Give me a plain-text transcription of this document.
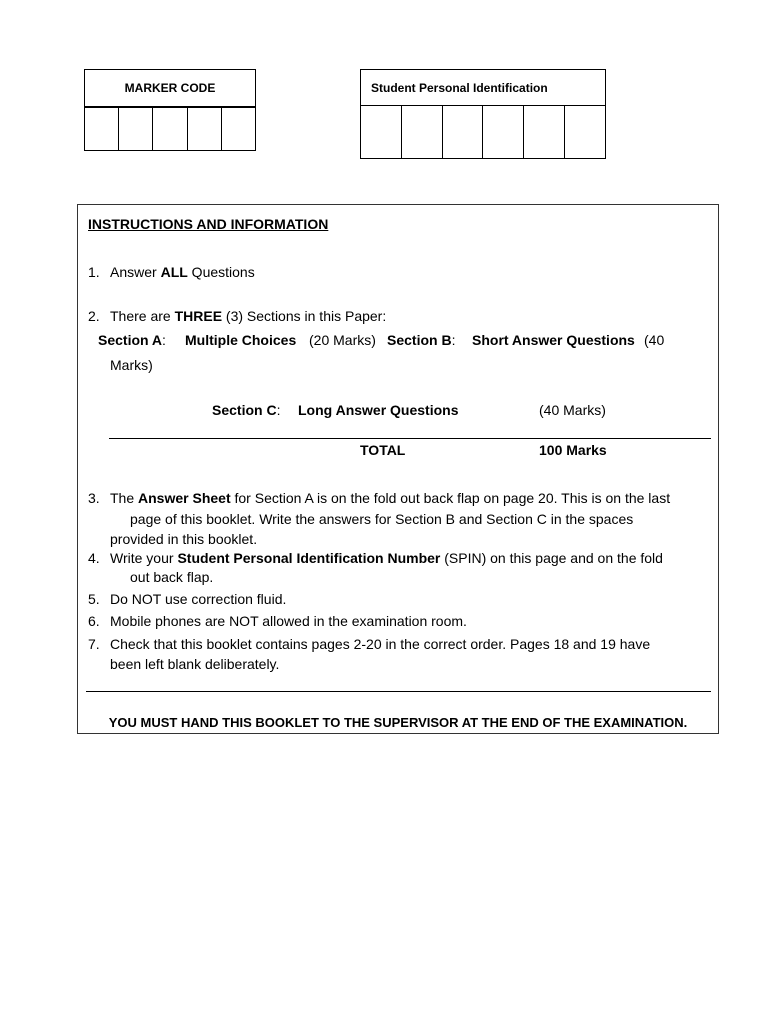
MARKER CODE	Student Personal Identification
INSTRUCTIONS AND INFORMATION
1. Answer ALL Questions
2. There are THREE (3) Sections in this Paper:
Section A: Multiple Choices (20 Marks) Section B: Short Answer Questions (40
Marks)
Section C: Long Answer Questions	(40 Marks)
TOTAL	100 Marks
3. The Answer Sheet for Section A is on the fold out back flap on page 20. This is on the last
page of this booklet. Write the answers for Section B and Section C in the spaces
provided in this booklet.
4. Write your Student Personal Identification Number (SPIN) on this page and on the fold
out back flap.
5. Do NOT use correction fluid.
6. Mobile phones are NOT allowed in the examination room.
7. Check that this booklet contains pages 2-20 in the correct order. Pages 18 and 19 have
been left blank deliberately.
YOU MUST HAND THIS BOOKLET TO THE SUPERVISOR AT THE END OF THE EXAMINATION.
